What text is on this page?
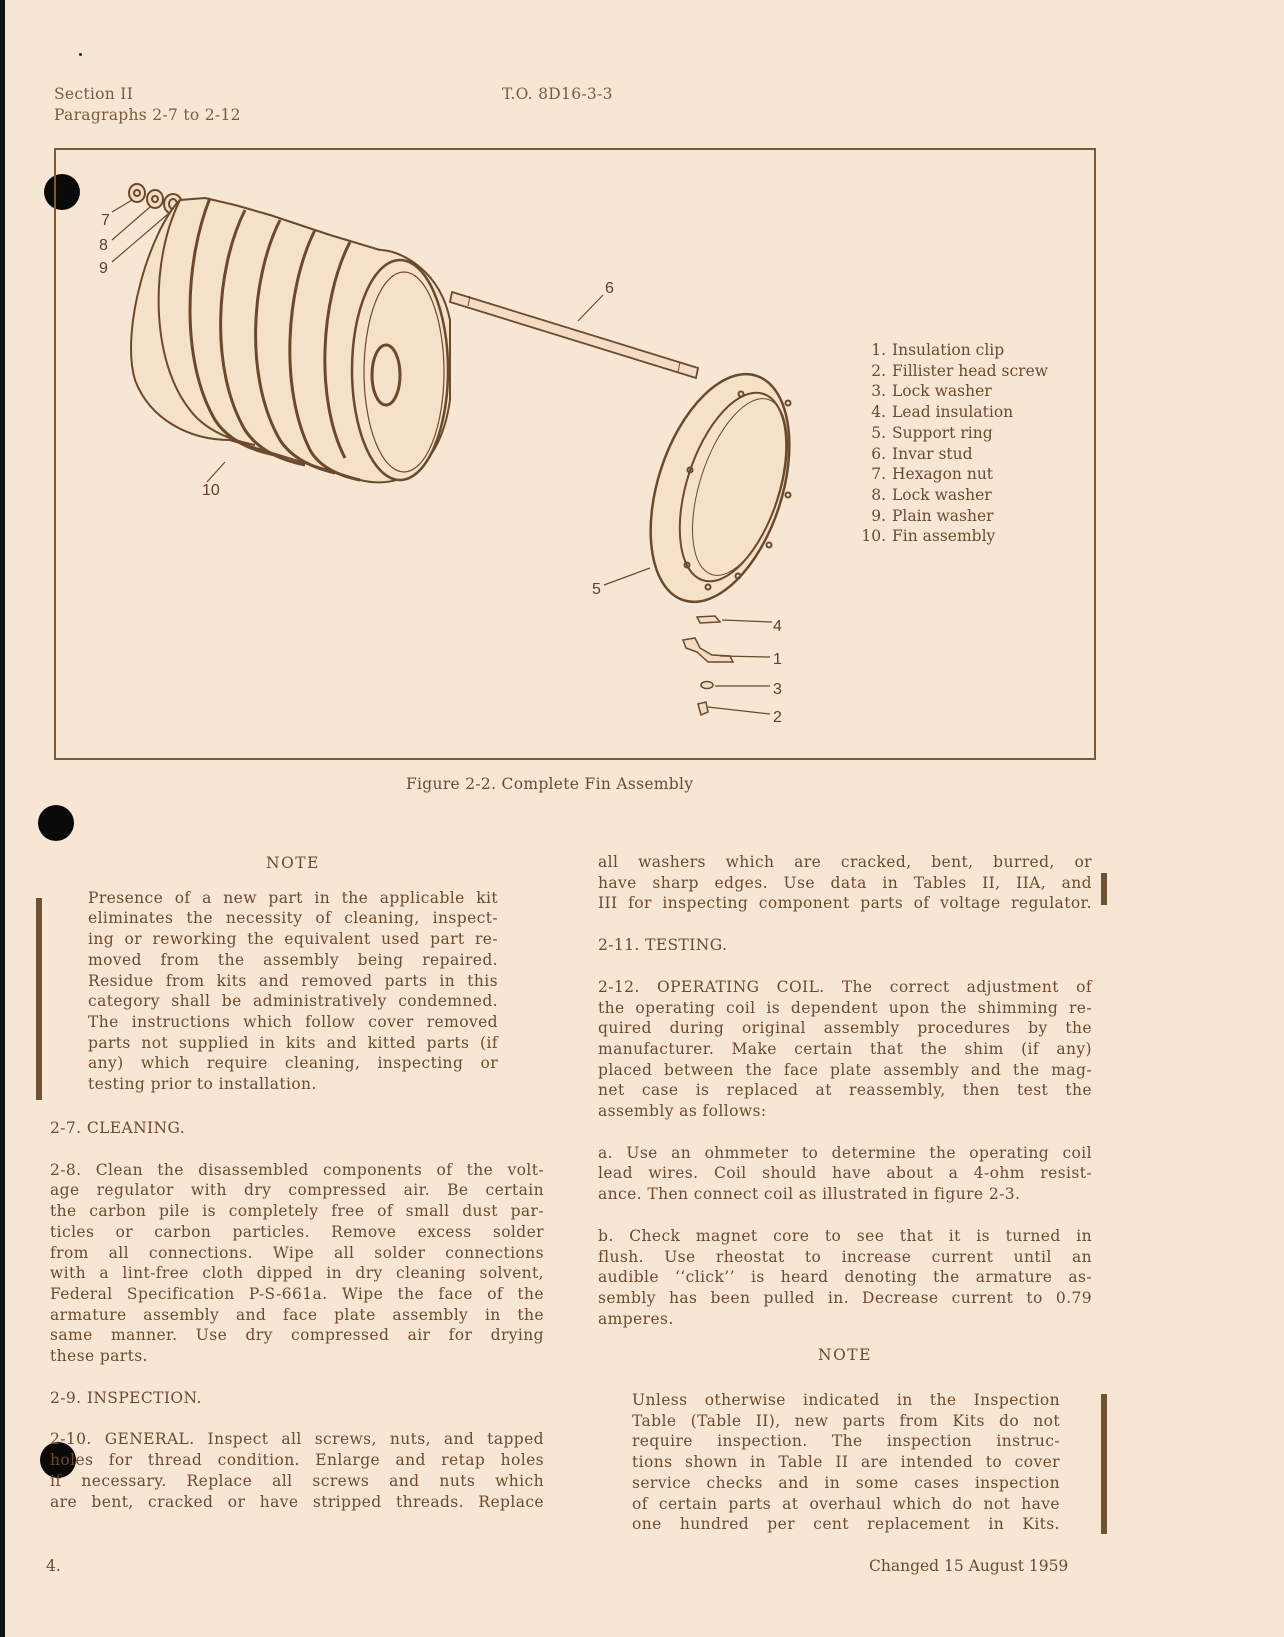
Section II
Paragraphs 2-7 to 2-12
T.O. 8D16-3-3
7
8
9
10
6
5
4
1
3
2
1. Insulation clip
2. Fillister head screw
3. Lock washer
4. Lead insulation
5. Support ring
6. Invar stud
7. Hexagon nut
8. Lock washer
9. Plain washer
10. Fin assembly
Figure 2-2. Complete Fin Assembly
NOTE
Presence of a new part in the applicable kit
eliminates the necessity of cleaning, inspect-
ing or reworking the equivalent used part re-
moved from the assembly being repaired.
Residue from kits and removed parts in this
category shall be administratively condemned.
The instructions which follow cover removed
parts not supplied in kits and kitted parts (if
any) which require cleaning, inspecting or
testing prior to installation.
2-7. CLEANING.
2-8. Clean the disassembled components of the volt-
age regulator with dry compressed air. Be certain
the carbon pile is completely free of small dust par-
ticles or carbon particles. Remove excess solder
from all connections. Wipe all solder connections
with a lint-free cloth dipped in dry cleaning solvent,
Federal Specification P-S-661a. Wipe the face of the
armature assembly and face plate assembly in the
same manner. Use dry compressed air for drying
these parts.
2-9. INSPECTION.
2-10. GENERAL. Inspect all screws, nuts, and tapped
holes for thread condition. Enlarge and retap holes
if necessary. Replace all screws and nuts which
are bent, cracked or have stripped threads. Replace
all washers which are cracked, bent, burred, or
have sharp edges. Use data in Tables II, IIA, and
III for inspecting component parts of voltage regulator.
2-11. TESTING.
2-12. OPERATING COIL. The correct adjustment of
the operating coil is dependent upon the shimming re-
quired during original assembly procedures by the
manufacturer. Make certain that the shim (if any)
placed between the face plate assembly and the mag-
net case is replaced at reassembly, then test the
assembly as follows:
a. Use an ohmmeter to determine the operating coil
lead wires. Coil should have about a 4-ohm resist-
ance. Then connect coil as illustrated in figure 2-3.
b. Check magnet core to see that it is turned in
flush. Use rheostat to increase current until an
audible ‘‘click’’ is heard denoting the armature as-
sembly has been pulled in. Decrease current to 0.79
amperes.
NOTE
Unless otherwise indicated in the Inspection
Table (Table II), new parts from Kits do not
require inspection. The inspection instruc-
tions shown in Table II are intended to cover
service checks and in some cases inspection
of certain parts at overhaul which do not have
one hundred per cent replacement in Kits.
4.	Changed 15 August 1959
